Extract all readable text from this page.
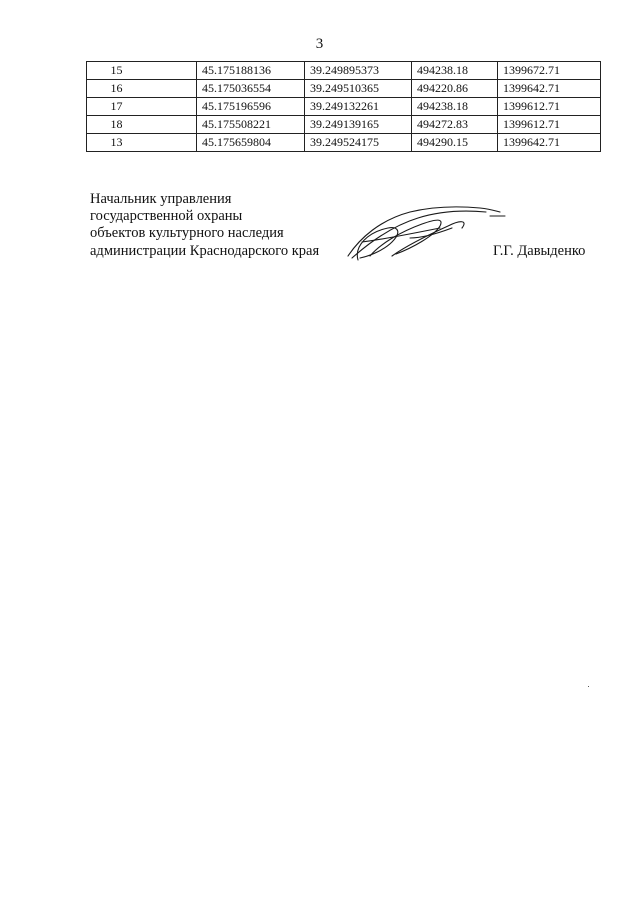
3
15	45.175188136	39.249895373	494238.18	1399672.71
16	45.175036554	39.249510365	494220.86	1399642.71
17	45.175196596	39.249132261	494238.18	1399612.71
18	45.175508221	39.249139165	494272.83	1399612.71
13	45.175659804	39.249524175	494290.15	1399642.71
Начальник управления
государственной охраны
объектов культурного наследия
администрации Краснодарского края	Г.Г. Давыденко
